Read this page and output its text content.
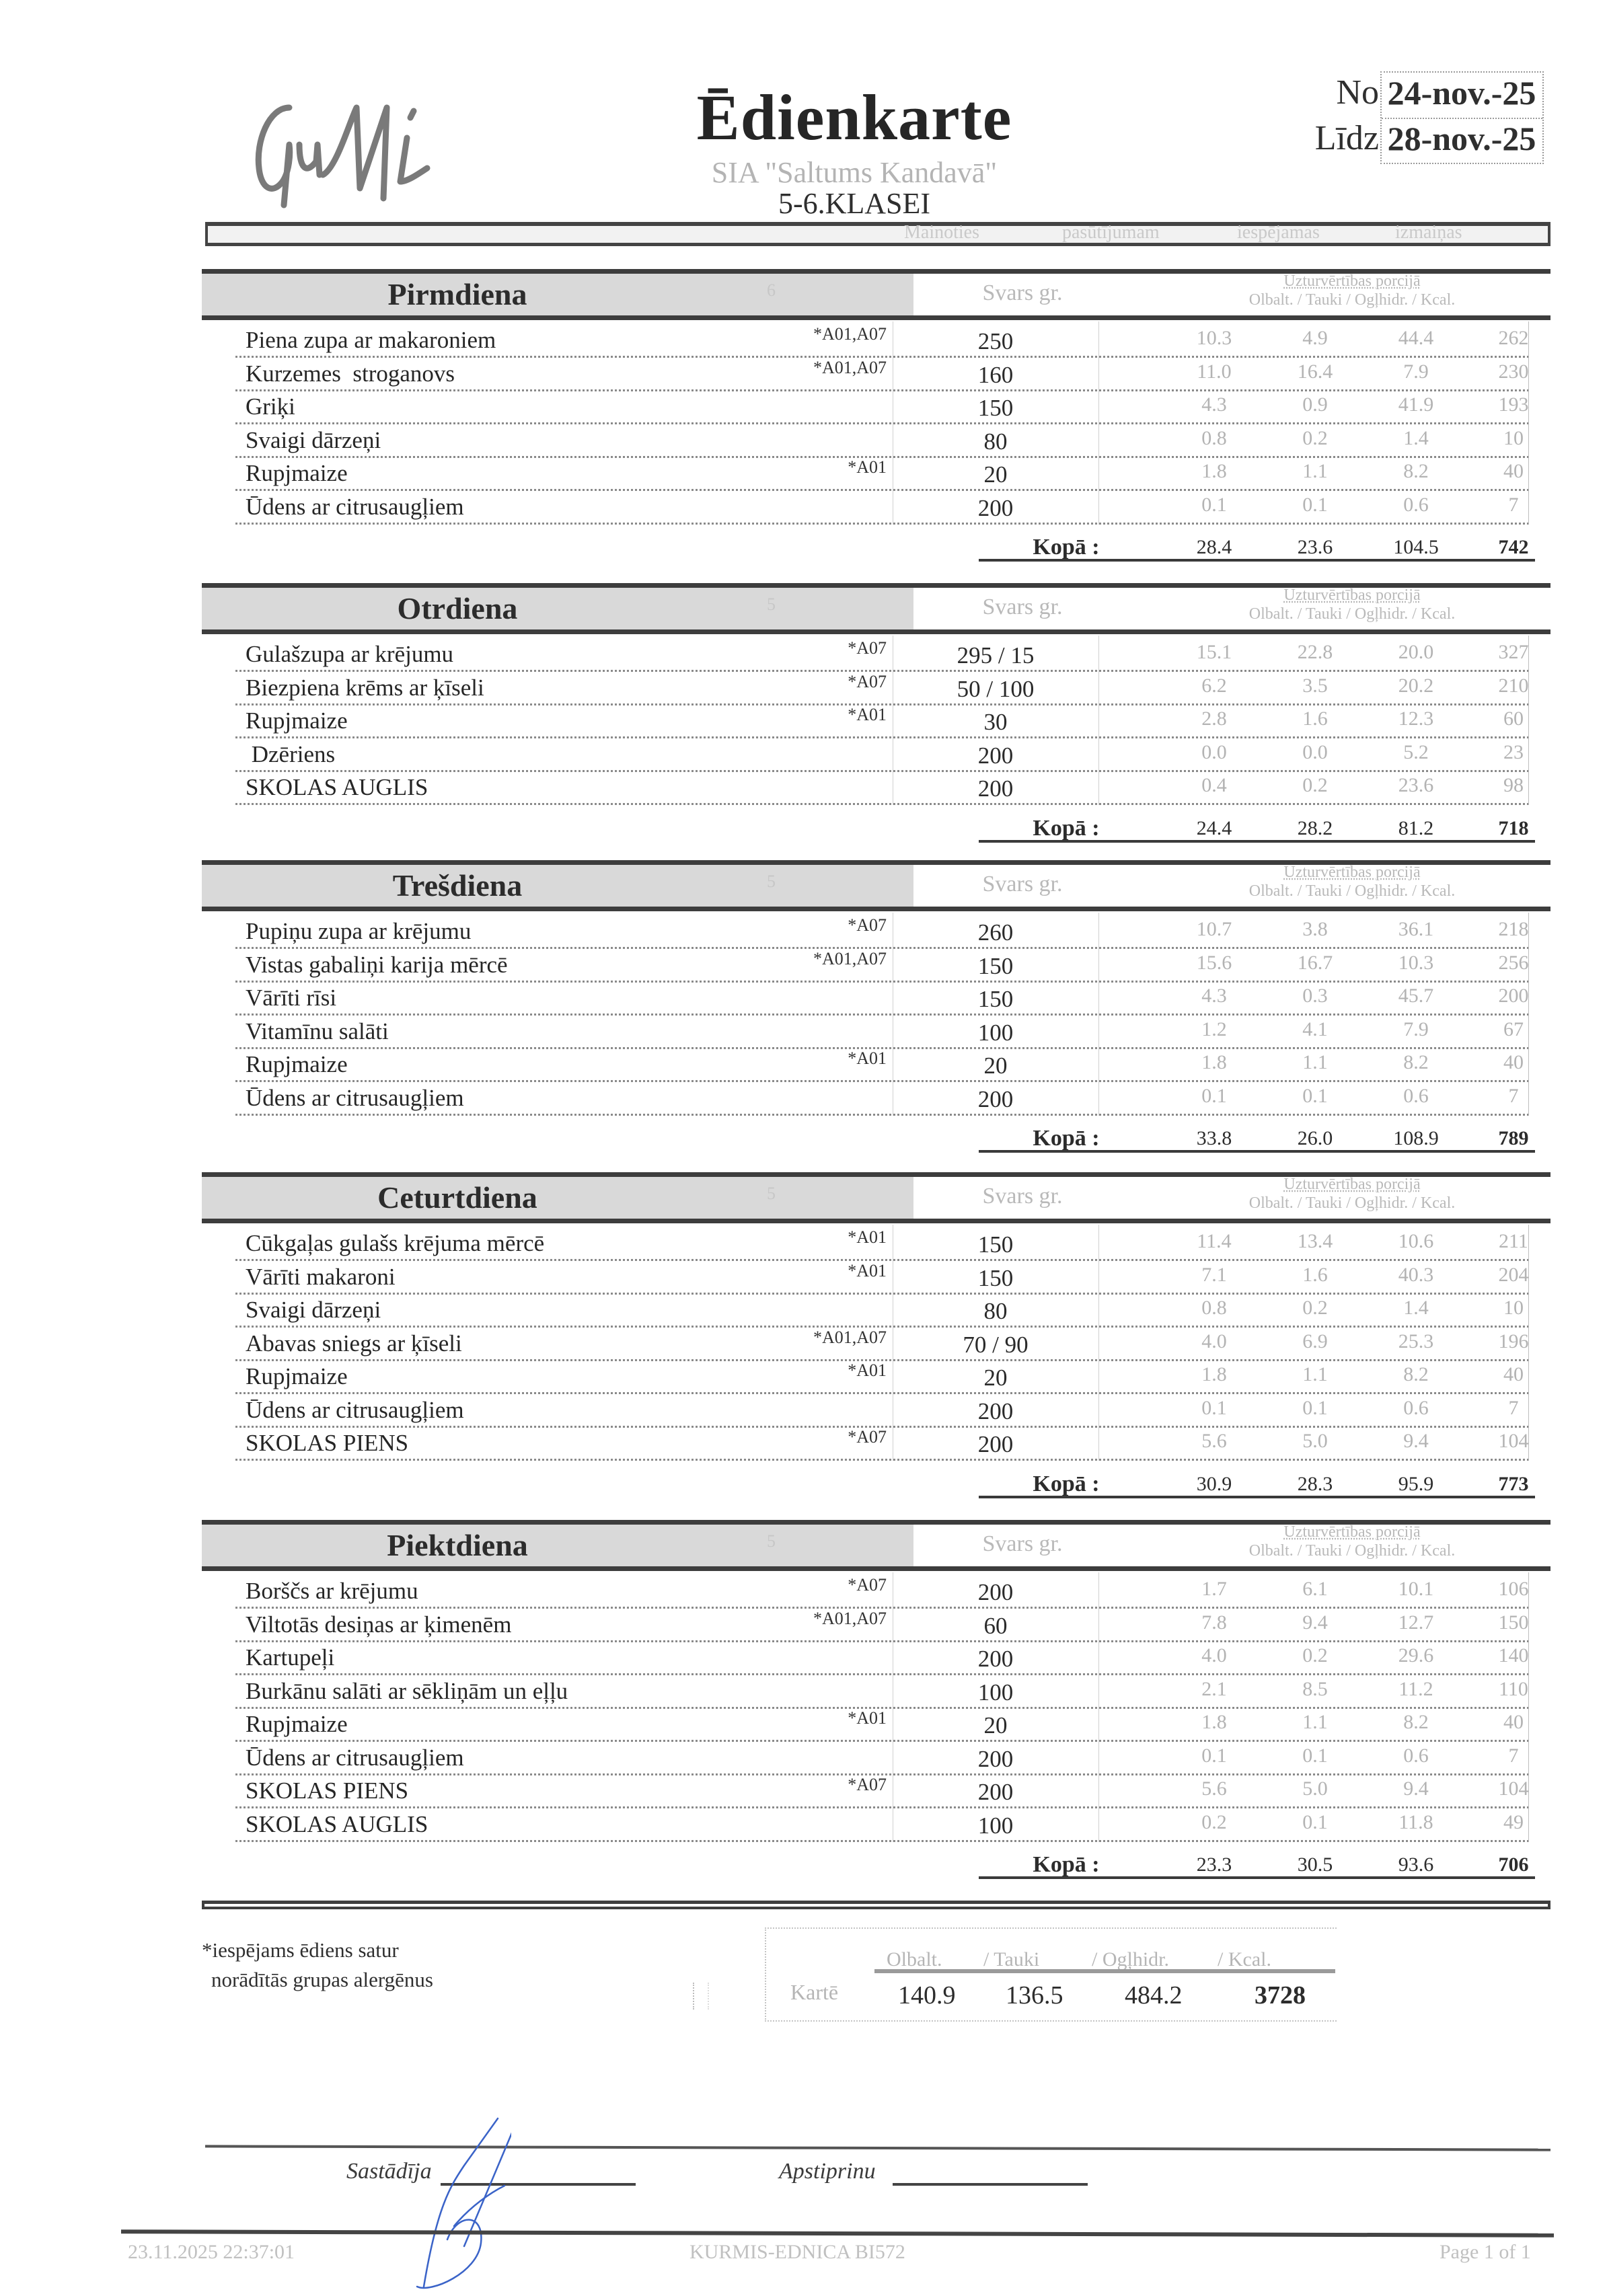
Ēdienkarte
SIA "Saltums Kandavā"
5-6.KLASEI
No
Līdz
24-nov.-25
28-nov.-25
Mainoties	pasūtījumam	iespējamas	izmaiņas
Pirmdiena	6	Svars gr.	Uzturvērtības porcijā
Olbalt. / Tauki / Ogļhidr. / Kcal.
Piena zupa ar makaroniem	*A01,A07	250	10.3	4.9	44.4	262
Kurzemes  stroganovs	*A01,A07	160	11.0	16.4	7.9	230
Griķi	150	4.3	0.9	41.9	193
Svaigi dārzeņi	80	0.8	0.2	1.4	10
Rupjmaize	*A01	20	1.8	1.1	8.2	40
Ūdens ar citrusaugļiem	200	0.1	0.1	0.6	7
Kopā :	28.4	23.6	104.5	742
Otrdiena	5	Svars gr.	Uzturvērtības porcijā
Olbalt. / Tauki / Ogļhidr. / Kcal.
Gulašzupa ar krējumu	*A07	295 / 15	15.1	22.8	20.0	327
Biezpiena krēms ar ķīseli	*A07	50 / 100	6.2	3.5	20.2	210
Rupjmaize	*A01	30	2.8	1.6	12.3	60
Dzēriens	200	0.0	0.0	5.2	23
SKOLAS AUGLIS	200	0.4	0.2	23.6	98
Kopā :	24.4	28.2	81.2	718
Trešdiena	5	Svars gr.	Uzturvērtības porcijā
Olbalt. / Tauki / Ogļhidr. / Kcal.
Pupiņu zupa ar krējumu	*A07	260	10.7	3.8	36.1	218
Vistas gabaliņi karija mērcē	*A01,A07	150	15.6	16.7	10.3	256
Vārīti rīsi	150	4.3	0.3	45.7	200
Vitamīnu salāti	100	1.2	4.1	7.9	67
Rupjmaize	*A01	20	1.8	1.1	8.2	40
Ūdens ar citrusaugļiem	200	0.1	0.1	0.6	7
Kopā :	33.8	26.0	108.9	789
Ceturtdiena	5	Svars gr.	Uzturvērtības porcijā
Olbalt. / Tauki / Ogļhidr. / Kcal.
Cūkgaļas gulašs krējuma mērcē	*A01	150	11.4	13.4	10.6	211
Vārīti makaroni	*A01	150	7.1	1.6	40.3	204
Svaigi dārzeņi	80	0.8	0.2	1.4	10
Abavas sniegs ar ķīseli	*A01,A07	70 / 90	4.0	6.9	25.3	196
Rupjmaize	*A01	20	1.8	1.1	8.2	40
Ūdens ar citrusaugļiem	200	0.1	0.1	0.6	7
SKOLAS PIENS	*A07	200	5.6	5.0	9.4	104
Kopā :	30.9	28.3	95.9	773
Piektdiena	5	Svars gr.	Uzturvērtības porcijā
Olbalt. / Tauki / Ogļhidr. / Kcal.
Borščs ar krējumu	*A07	200	1.7	6.1	10.1	106
Viltotās desiņas ar ķimenēm	*A01,A07	60	7.8	9.4	12.7	150
Kartupeļi	200	4.0	0.2	29.6	140
Burkānu salāti ar sēkliņām un eļļu	100	2.1	8.5	11.2	110
Rupjmaize	*A01	20	1.8	1.1	8.2	40
Ūdens ar citrusaugļiem	200	0.1	0.1	0.6	7
SKOLAS PIENS	*A07	200	5.6	5.0	9.4	104
SKOLAS AUGLIS	100	0.2	0.1	11.8	49
Kopā :	23.3	30.5	93.6	706
*iespējams ēdiens satur
norādītās grupas alergēnus
Olbalt. / Tauki	/ Ogļhidr. / Kcal.
Kartē 140.9 136.5 484.2	3728
Sastādīja	Apstiprinu
23.11.2025 22:37:01	KURMIS-EDNICA BI572	Page 1 of 1
